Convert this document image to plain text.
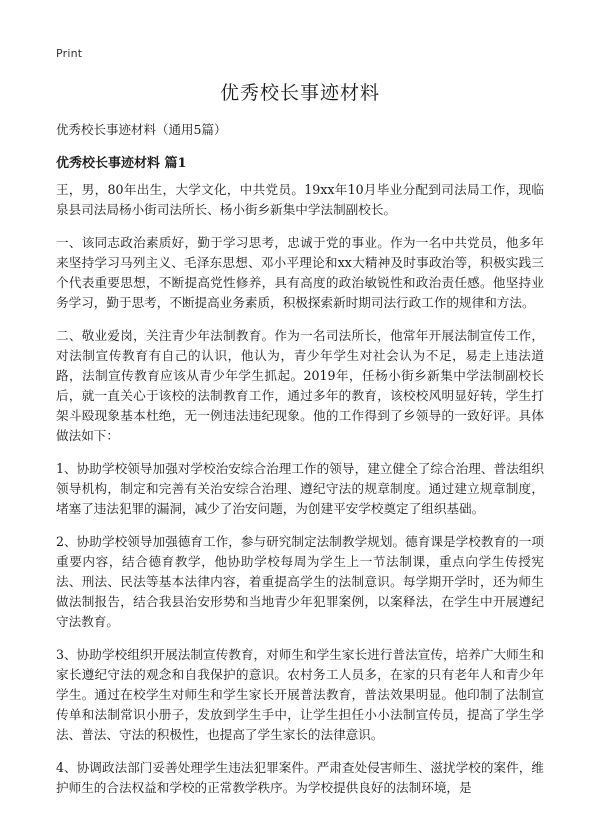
Print
优秀校长事迹材料
优秀校长事迹材料（通用5篇）
优秀校长事迹材料 篇1

王，男，80年出生，大学文化，中共党员。19xx年10月毕业分配到司法局工作，现临泉县司法局杨小街司法所长、杨小街乡新集中学法制副校长。

一、该同志政治素质好，勤于学习思考，忠诚于党的事业。作为一名中共党员，他多年来坚持学习马列主义、毛泽东思想、邓小平理论和xx大精神及时事政治等，积极实践三个代表重要思想，不断提高党性修养，具有高度的政治敏锐性和政治责任感。他坚持业务学习，勤于思考，不断提高业务素质，积极探索新时期司法行政工作的规律和方法。

二、敬业爱岗，关注青少年法制教育。作为一名司法所长，他常年开展法制宣传工作，对法制宣传教育有自己的认识，他认为，青少年学生对社会认为不足，易走上违法道路，法制宣传教育应该从青少年学生抓起。2019年，任杨小街乡新集中学法制副校长后，就一直关心于该校的法制教育工作，通过多年的教育，该校校风明显好转，学生打架斗殴现象基本杜绝，无一例违法违纪现象。他的工作得到了乡领导的一致好评。具体做法如下：

1、协助学校领导加强对学校治安综合治理工作的领导，建立健全了综合治理、普法组织领导机构，制定和完善有关治安综合治理、遵纪守法的规章制度。通过建立规章制度，堵塞了违法犯罪的漏洞，减少了治安问题，为创建平安学校奠定了组织基础。

2、协助学校领导加强德育工作，参与研究制定法制教学规划。德育课是学校教育的一项重要内容，结合德育教学，他协助学校每周为学生上一节法制课，重点向学生传授宪法、刑法、民法等基本法律内容，着重提高学生的法制意识。每学期开学时，还为师生做法制报告，结合我县治安形势和当地青少年犯罪案例，以案释法，在学生中开展遵纪守法教育。

3、协助学校组织开展法制宣传教育，对师生和学生家长进行普法宣传，培养广大师生和家长遵纪守法的观念和自我保护的意识。农村务工人员多，在家的只有老年人和青少年学生。通过在校学生对师生和学生家长开展普法教育，普法效果明显。他印制了法制宣传单和法制常识小册子，发放到学生手中，让学生担任小小法制宣传员，提高了学生学法、普法、守法的积极性，也提高了学生家长的法律意识。

4、协调政法部门妥善处理学生违法犯罪案件。严肃查处侵害师生、滋扰学校的案件，维护师生的合法权益和学校的正常教学秩序。为学校提供良好的法制环境，是
